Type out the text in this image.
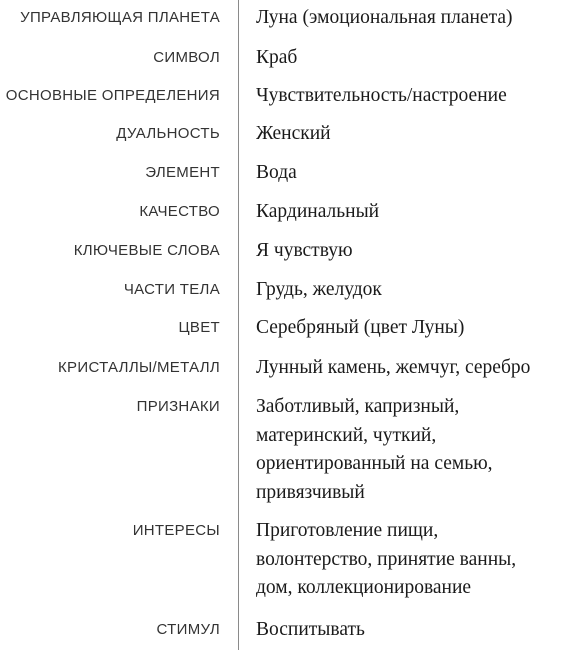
УПРАВЛЯЮЩАЯ ПЛАНЕТА Луна (эмоциональная планета)
СИМВОЛ Краб
ОСНОВНЫЕ ОПРЕДЕЛЕНИЯ Чувствительность/настроение
ДУАЛЬНОСТЬ Женский
ЭЛЕМЕНТ Вода
КАЧЕСТВО Кардинальный
КЛЮЧЕВЫЕ СЛОВА Я чувствую
ЧАСТИ ТЕЛА Грудь, желудок
ЦВЕТ Серебряный (цвет Луны)
КРИСТАЛЛЫ/МЕТАЛЛ Лунный камень, жемчуг, серебро
ПРИЗНАКИ Заботливый, капризный,
материнский, чуткий,
ориентированный на семью,
привязчивый
ИНТЕРЕСЫ Приготовление пищи,
волонтерство, принятие ванны,
дом, коллекционирование
СТИМУЛ Воспитывать
